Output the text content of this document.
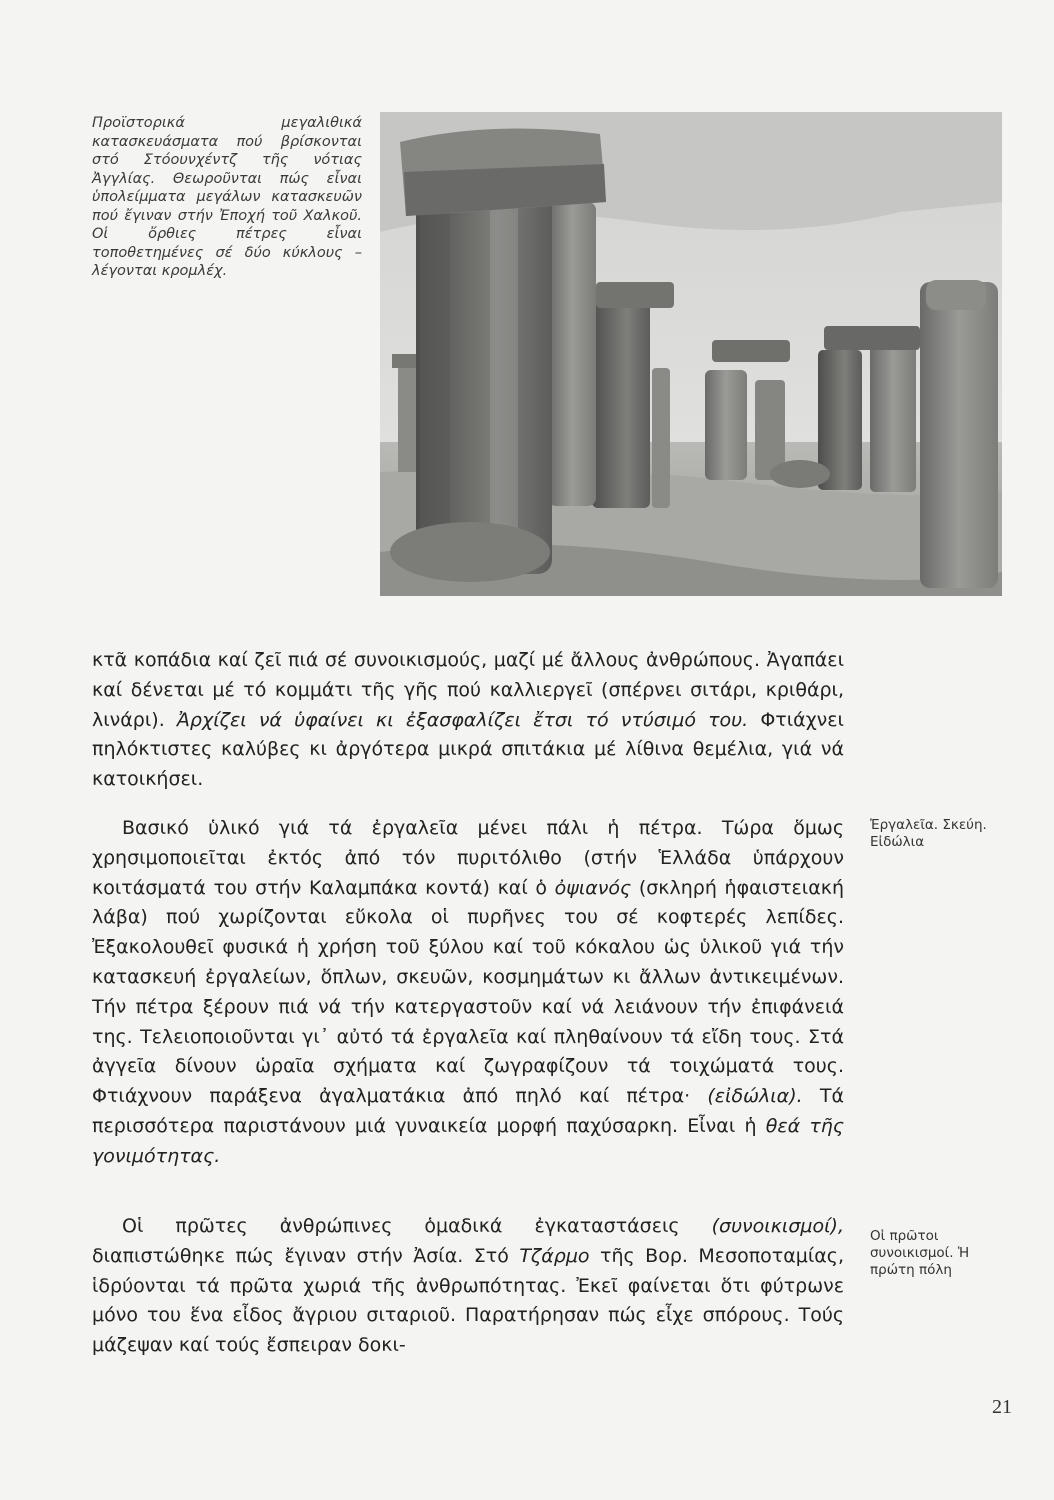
Προϊστορικά μεγαλιθικά κατασκευάσματα πού βρίσκονται στό Στόουνχέντζ τῆς νότιας Ἀγγλίας. Θεωροῦνται πώς εἶναι ὑπολείμματα μεγάλων κατασκευῶν πού ἔγιναν στήν Ἐποχή τοῦ Χαλκοῦ. Οἱ ὄρθιες πέτρες εἶναι τοποθετημένες σέ δύο κύκλους – λέγονται κρομλέχ.

κτᾶ κοπάδια καί ζεῖ πιά σέ συνοικισμούς, μαζί μέ ἄλλους ἀνθρώπους. Ἀγαπάει καί δένεται μέ τό κομμάτι τῆς γῆς πού καλλιεργεῖ (σπέρνει σιτάρι, κριθάρι, λινάρι). Ἀρχίζει νά ὑφαίνει κι ἐξασφαλίζει ἔτσι τό ντύσιμό του. Φτιάχνει πηλόκτιστες καλύβες κι ἀργότερα μικρά σπιτάκια μέ λίθινα θεμέλια, γιά νά κατοικήσει.

Βασικό ὑλικό γιά τά ἐργαλεῖα μένει πάλι ἡ πέτρα. Τώρα ὅμως χρησιμοποιεῖται ἐκτός ἀπό τόν πυριτόλιθο (στήν Ἑλλάδα ὑπάρχουν κοιτάσματά του στήν Καλαμπάκα κοντά) καί ὁ ὀψιανός (σκληρή ἡφαιστειακή λάβα) πού χωρίζονται εὔκολα οἱ πυρῆνες του σέ κοφτερές λεπίδες. Ἐξακολουθεῖ φυσικά ἡ χρήση τοῦ ξύλου καί τοῦ κόκαλου ὡς ὑλικοῦ γιά τήν κατασκευή ἐργαλείων, ὅπλων, σκευῶν, κοσμημάτων κι ἄλλων ἀντικειμένων. Τήν πέτρα ξέρουν πιά νά τήν κατεργαστοῦν καί νά λειάνουν τήν ἐπιφάνειά της. Τελειοποιοῦνται γι᾽ αὐτό τά ἐργαλεῖα καί πληθαίνουν τά εἴδη τους. Στά ἀγγεῖα δίνουν ὡραῖα σχήματα καί ζωγραφίζουν τά τοιχώματά τους. Φτιάχνουν παράξενα ἀγαλματάκια ἀπό πηλό καί πέτρα· (εἰδώλια). Τά περισσότερα παριστάνουν μιά γυναικεία μορφή παχύσαρκη. Εἶναι ἡ θεά τῆς γονιμότητας.

Οἱ πρῶτες ἀνθρώπινες ὁμαδικά ἐγκαταστάσεις (συνοικισμοί), διαπιστώθηκε πώς ἔγιναν στήν Ἀσία. Στό Τζάρμο τῆς Βορ. Μεσοποταμίας, ἱδρύονται τά πρῶτα χωριά τῆς ἀνθρωπότητας. Ἐκεῖ φαίνεται ὅτι φύτρωνε μόνο του ἕνα εἶδος ἄγριου σιταριοῦ. Παρατήρησαν πώς εἶχε σπόρους. Τούς μάζεψαν καί τούς ἔσπειραν δοκι-

Ἐργαλεῖα. Σκεύη. Εἰδώλια
Οἱ πρῶτοι συνοικισμοί. Ἡ πρώτη πόλη
21
